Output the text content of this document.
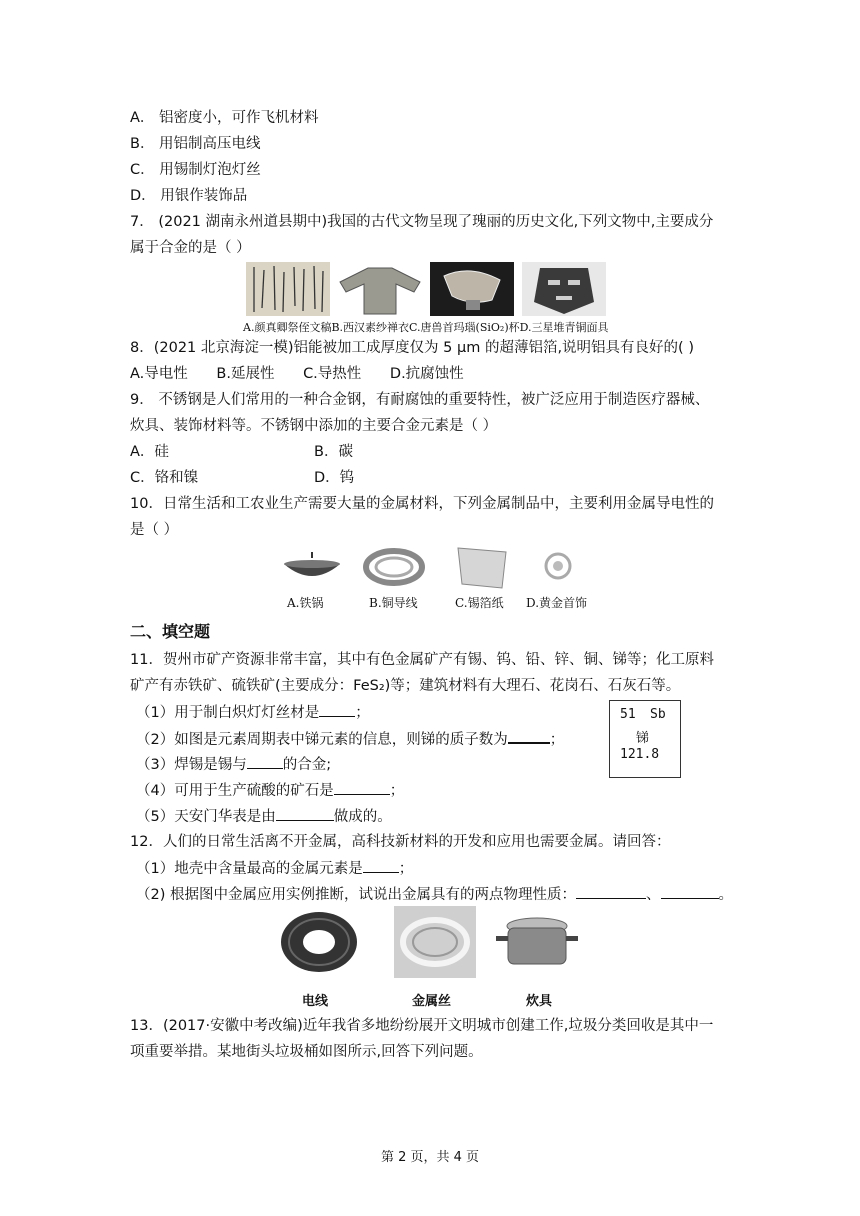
A． 铝密度小，可作飞机材料
B． 用铝制高压电线
C． 用锡制灯泡灯丝
D． 用银作装饰品
7． (2021 湖南永州道县期中)我国的古代文物呈现了瑰丽的历史文化,下列文物中,主要成分
属于合金的是（ ）
A.颜真卿祭侄文稿B.西汉素纱禅衣C.唐兽首玛瑙(SiO₂)杯D.三星堆青铜面具
8．(2021 北京海淀一模)铝能被加工成厚度仅为 5 μm 的超薄铝箔,说明铝具有良好的( )
A.导电性 B.延展性 C.导热性 D.抗腐蚀性
9． 不锈钢是人们常用的一种合金钢，有耐腐蚀的重要特性，被广泛应用于制造医疗器械、
炊具、装饰材料等。不锈钢中添加的主要合金元素是（ ）
A．硅	B．碳
C．铬和镍	D．钨
10．日常生活和工农业生产需要大量的金属材料，下列金属制品中，主要利用金属导电性的
是（ ）
A.铁锅	B.铜导线	C.锡箔纸 D.黄金首饰
二、填空题
11．贺州市矿产资源非常丰富，其中有色金属矿产有锡、钨、铅、锌、铜、锑等；化工原料
矿产有赤铁矿、硫铁矿(主要成分：FeS₂)等；建筑材料有大理石、花岗石、石灰石等。
（1）用于制白炽灯灯丝材是 ；
（2）如图是元素周期表中锑元素的信息，则锑的质子数为	；
（3）焊锡是锡与 的合金;
（4）可用于生产硫酸的矿石是	；
（5）天安门华表是由	做成的。
51 Sb
锑
121.8
12．人们的日常生活离不开金属，高科技新材料的开发和应用也需要金属。请回答：
（1）地壳中含量最高的金属元素是 ；
（2) 根据图中金属应用实例推断，试说出金属具有的两点物理性质：	、	。
电线	金属丝	炊具
13．(2017·安徽中考改编)近年我省多地纷纷展开文明城市创建工作,垃圾分类回收是其中一
项重要举措。某地街头垃圾桶如图所示,回答下列问题。
第 2 页，共 4 页
